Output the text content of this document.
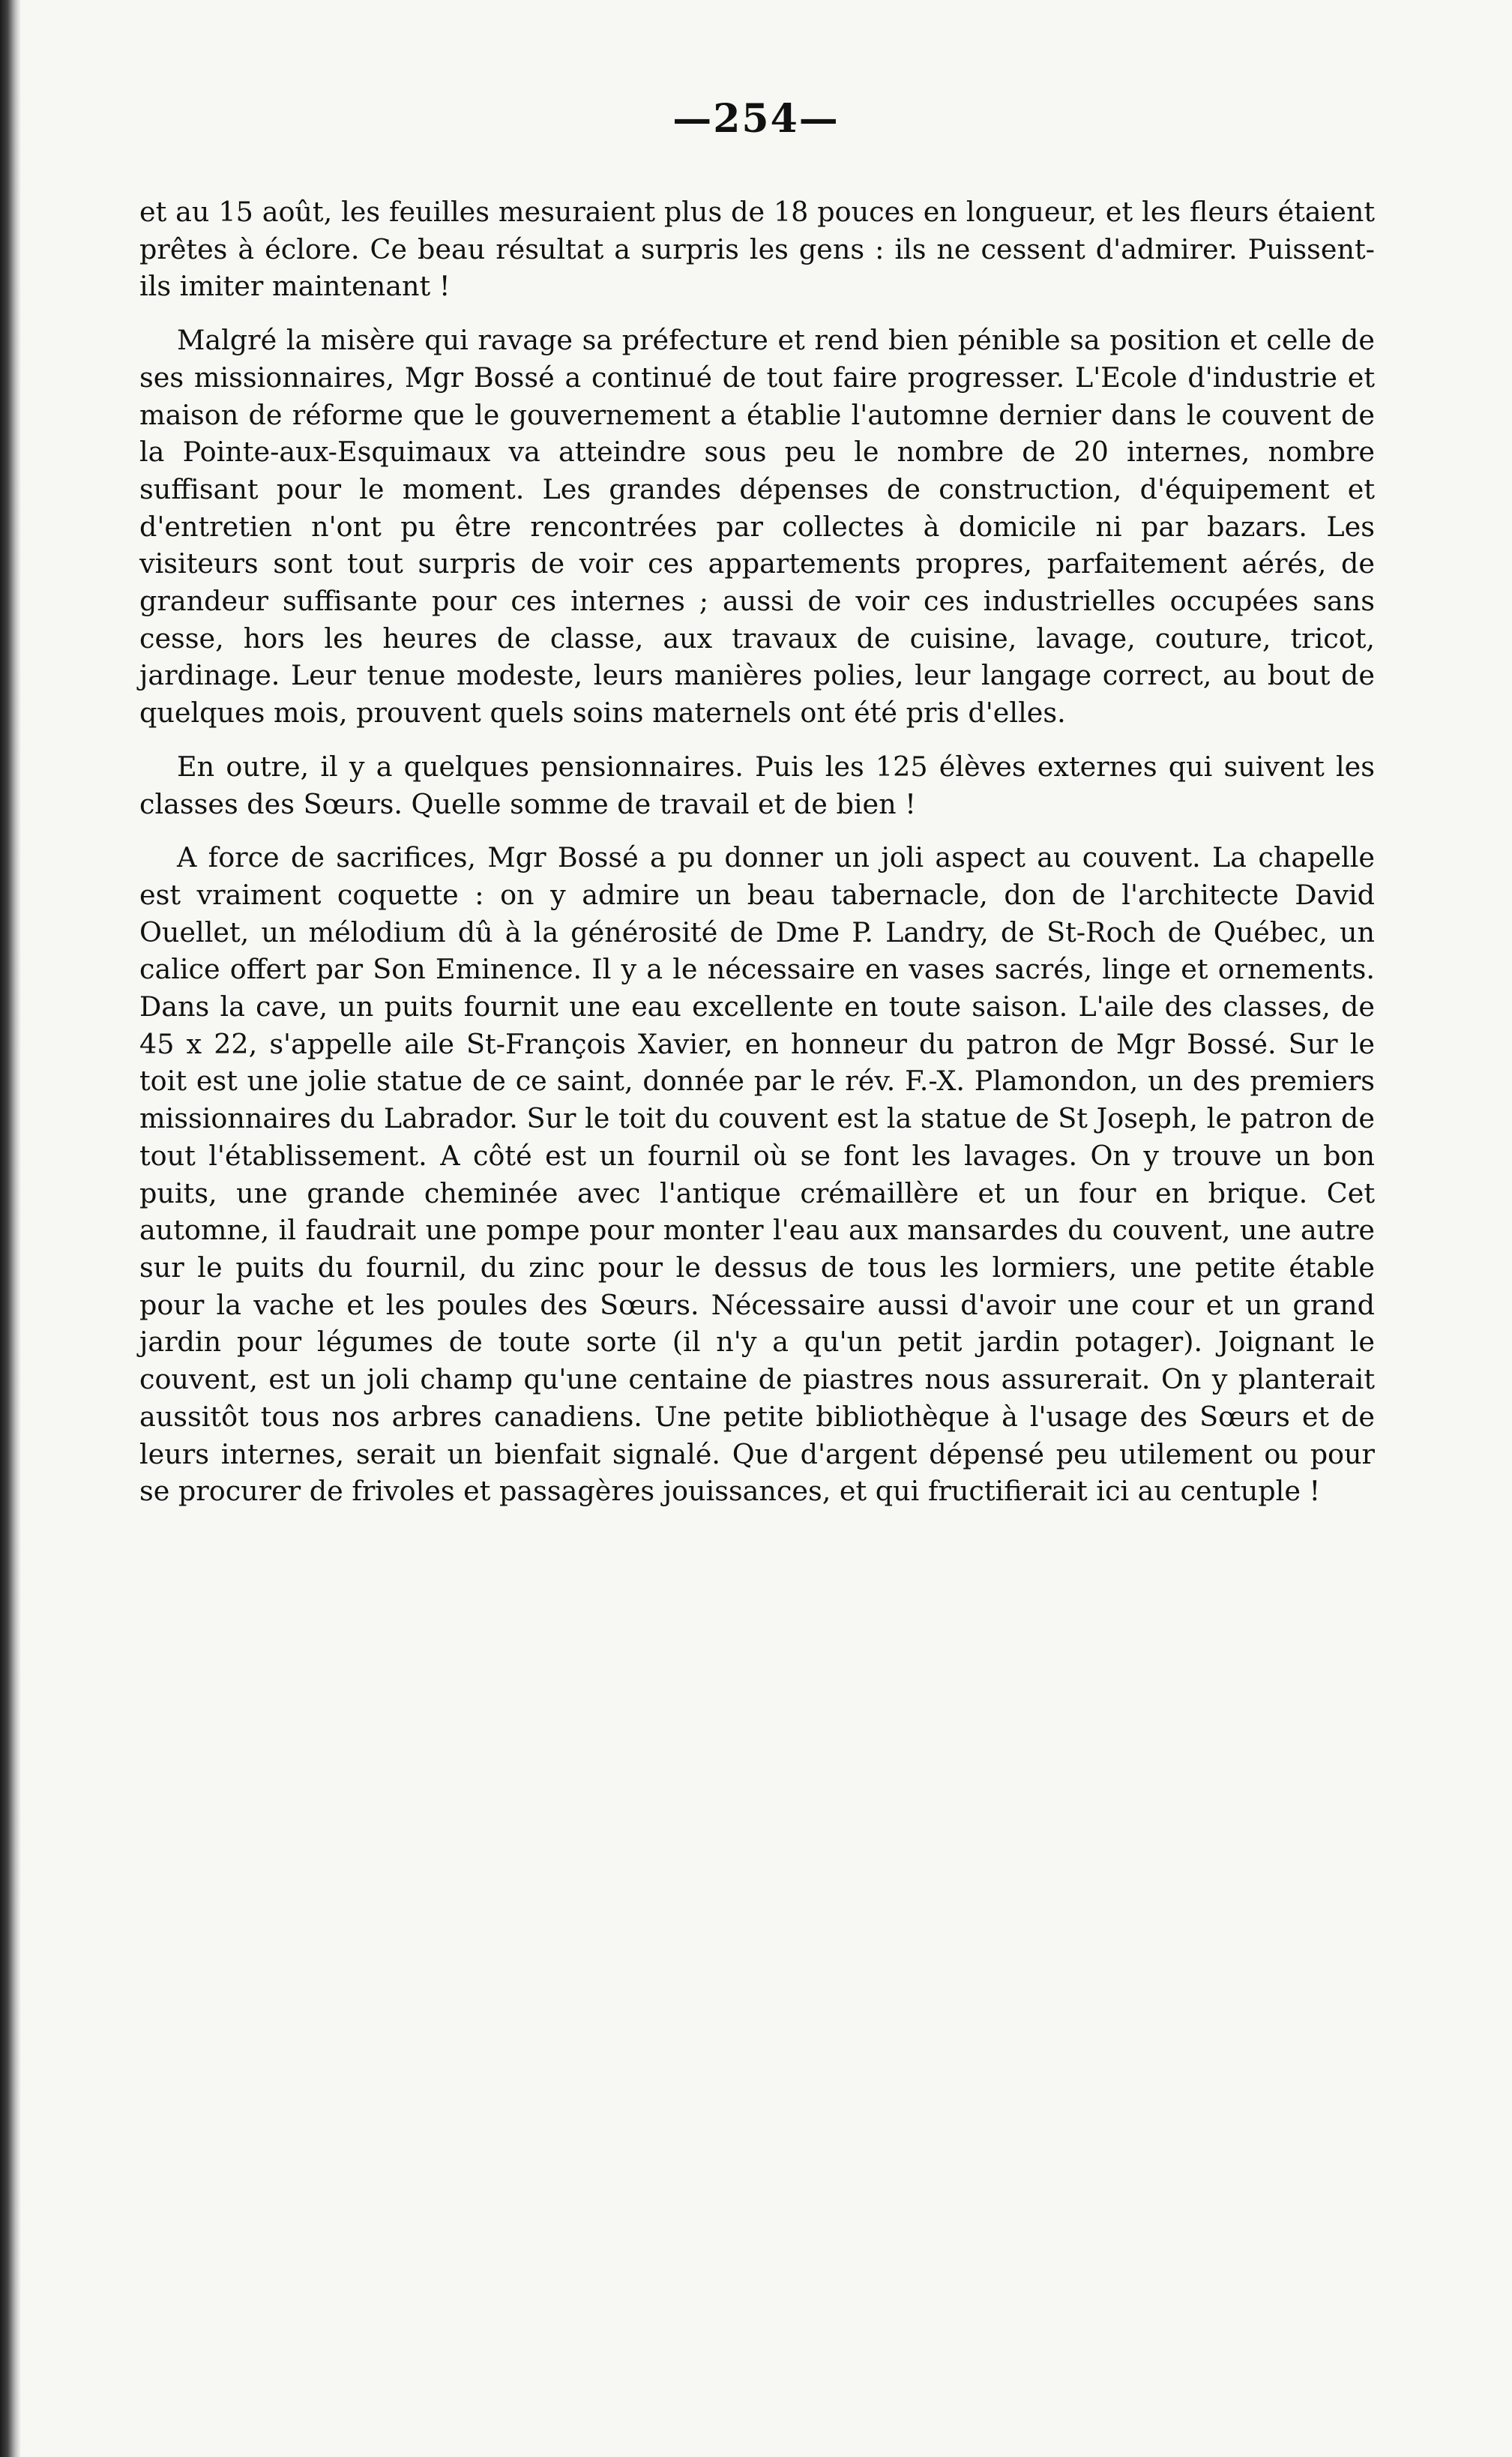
—254—

et au 15 août, les feuilles mesuraient plus de 18 pouces en longueur, et les fleurs étaient prêtes à éclore. Ce beau résultat a surpris les gens : ils ne cessent d'admirer. Puissent-ils imiter maintenant !

Malgré la misère qui ravage sa préfecture et rend bien pénible sa position et celle de ses missionnaires, Mgr Bossé a continué de tout faire progresser. L'Ecole d'industrie et maison de réforme que le gouvernement a établie l'automne dernier dans le couvent de la Pointe-aux-Esquimaux va atteindre sous peu le nombre de 20 internes, nombre suffisant pour le moment. Les grandes dépenses de construction, d'équipement et d'entretien n'ont pu être rencontrées par collectes à domicile ni par bazars. Les visiteurs sont tout surpris de voir ces appartements propres, parfaitement aérés, de grandeur suffisante pour ces internes ; aussi de voir ces industrielles occupées sans cesse, hors les heures de classe, aux travaux de cuisine, lavage, couture, tricot, jardinage. Leur tenue modeste, leurs manières polies, leur langage correct, au bout de quelques mois, prouvent quels soins maternels ont été pris d'elles.

En outre, il y a quelques pensionnaires. Puis les 125 élèves externes qui suivent les classes des Sœurs. Quelle somme de travail et de bien !

A force de sacrifices, Mgr Bossé a pu donner un joli aspect au couvent. La chapelle est vraiment coquette : on y admire un beau tabernacle, don de l'architecte David Ouellet, un mélodium dû à la générosité de Dme P. Landry, de St-Roch de Québec, un calice offert par Son Eminence. Il y a le nécessaire en vases sacrés, linge et ornements. Dans la cave, un puits fournit une eau excellente en toute saison. L'aile des classes, de 45 x 22, s'appelle aile St-François Xavier, en honneur du patron de Mgr Bossé. Sur le toit est une jolie statue de ce saint, donnée par le rév. F.-X. Plamondon, un des premiers missionnaires du Labrador. Sur le toit du couvent est la statue de St Joseph, le patron de tout l'établissement. A côté est un fournil où se font les lavages. On y trouve un bon puits, une grande cheminée avec l'antique crémaillère et un four en brique. Cet automne, il faudrait une pompe pour monter l'eau aux mansardes du couvent, une autre sur le puits du fournil, du zinc pour le dessus de tous les lormiers, une petite étable pour la vache et les poules des Sœurs. Nécessaire aussi d'avoir une cour et un grand jardin pour légumes de toute sorte (il n'y a qu'un petit jardin potager). Joignant le couvent, est un joli champ qu'une centaine de piastres nous assurerait. On y planterait aussitôt tous nos arbres canadiens. Une petite bibliothèque à l'usage des Sœurs et de leurs internes, serait un bienfait signalé. Que d'argent dépensé peu utilement ou pour se procurer de frivoles et passagères jouissances, et qui fructifierait ici au centuple !
